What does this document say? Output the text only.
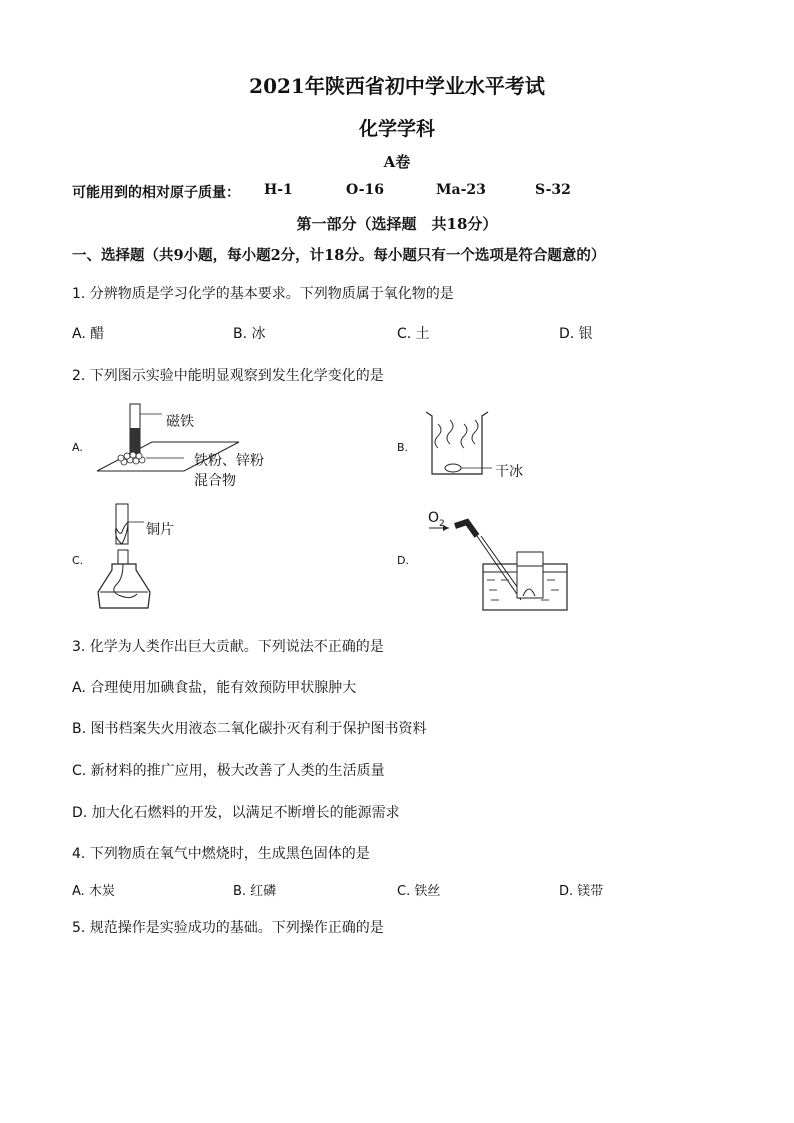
2021年陕西省初中学业水平考试
化学学科
A卷
可能用到的相对原子质量： H-1	O-16	Ma-23	S-32
第一部分（选择题　共18分）
一、选择题（共9小题，每小题2分，计18分。每小题只有一个选项是符合题意的）
1. 分辨物质是学习化学的基本要求。下列物质属于氧化物的是
A. 醋	B. 冰	C. 土	D. 银
2. 下列图示实验中能明显观察到发生化学变化的是
A.
磁铁
铁粉、锌粉
混合物
B.
干冰
C.
铜片
D.
$O_2$
3. 化学为人类作出巨大贡献。下列说法不正确的是
A. 合理使用加碘食盐，能有效预防甲状腺肿大
B. 图书档案失火用液态二氧化碳扑灭有利于保护图书资料
C. 新材料的推广应用，极大改善了人类的生活质量
D. 加大化石燃料的开发，以满足不断增长的能源需求
4. 下列物质在氧气中燃烧时，生成黑色固体的是
A. 木炭	B. 红磷	C. 铁丝	D. 镁带
5. 规范操作是实验成功的基础。下列操作正确的是
